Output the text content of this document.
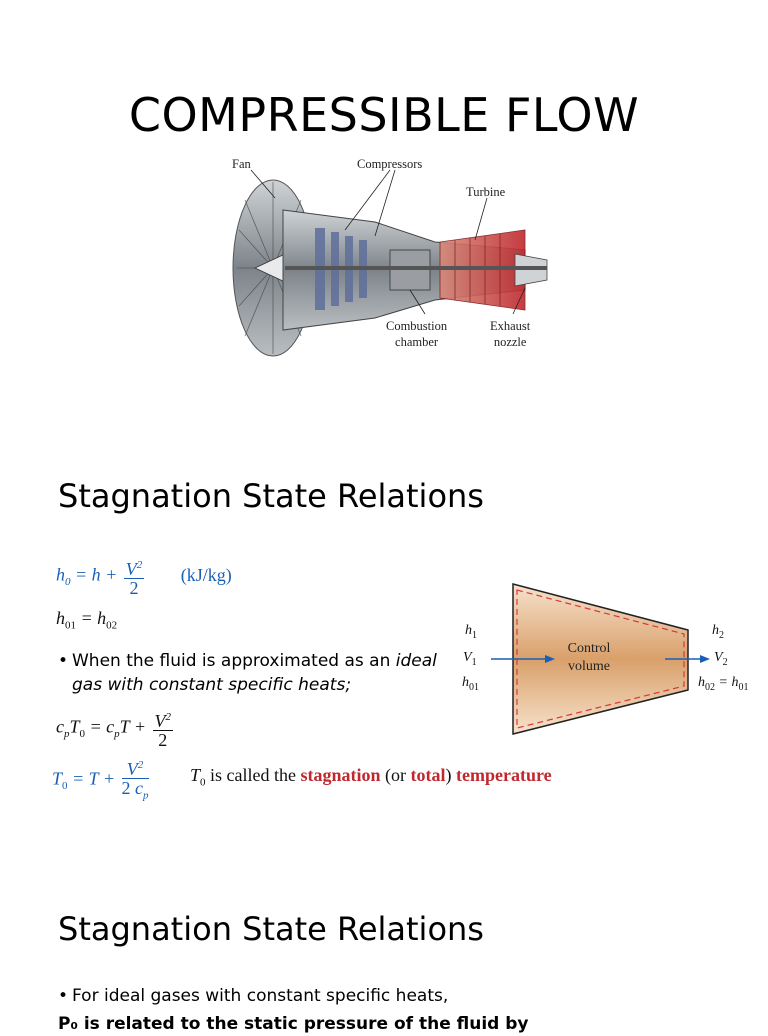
COMPRESSIBLE FLOW
Fan	Compressors
Turbine
Combustion
chamber
Exhaust
nozzle
Stagnation State Relations
$h_0 = h + \frac{V^2}{2} (kJ/kg)$
$h_{01} = h_{02}$
• When the fluid is approximated as an ideal
gas with constant specific heats;
$c_pT_0 = c_pT + \frac{V^2}{2}$
$T_0 = T + \frac{V^2}{2 c_p} T_0$ is called the stagnation (or total) temperature
$h_1$
$V_1$
$h_{01}$
Control
volume
$h_2$
$V_2$
$h_{02} = h_{01}$
Stagnation State Relations
• For ideal gases with constant specific heats,
P₀ is related to the static pressure of the fluid by
